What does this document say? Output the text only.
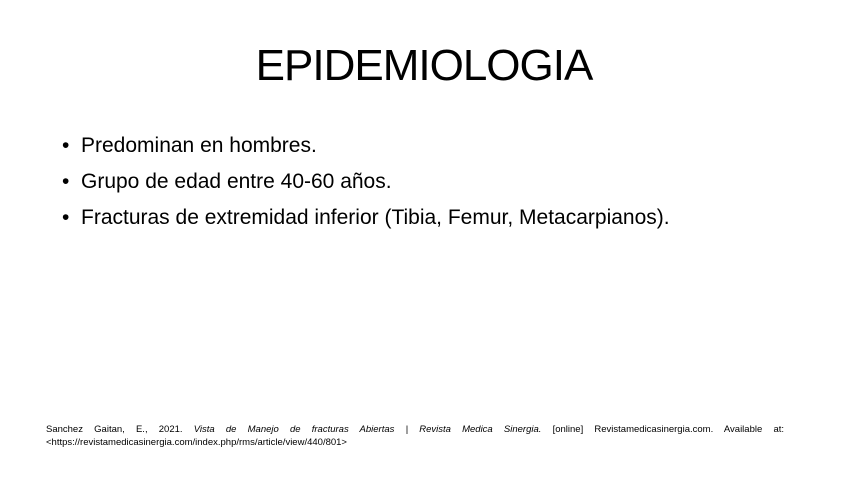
EPIDEMIOLOGIA
• Predominan en hombres.
• Grupo de edad entre 40-60 años.
• Fracturas de extremidad inferior (Tibia, Femur, Metacarpianos).
Sanchez Gaitan, E., 2021. Vista de Manejo de fracturas Abiertas | Revista Medica Sinergia. [online] Revistamedicasinergia.com. Available at:
<https://revistamedicasinergia.com/index.php/rms/article/view/440/801>
